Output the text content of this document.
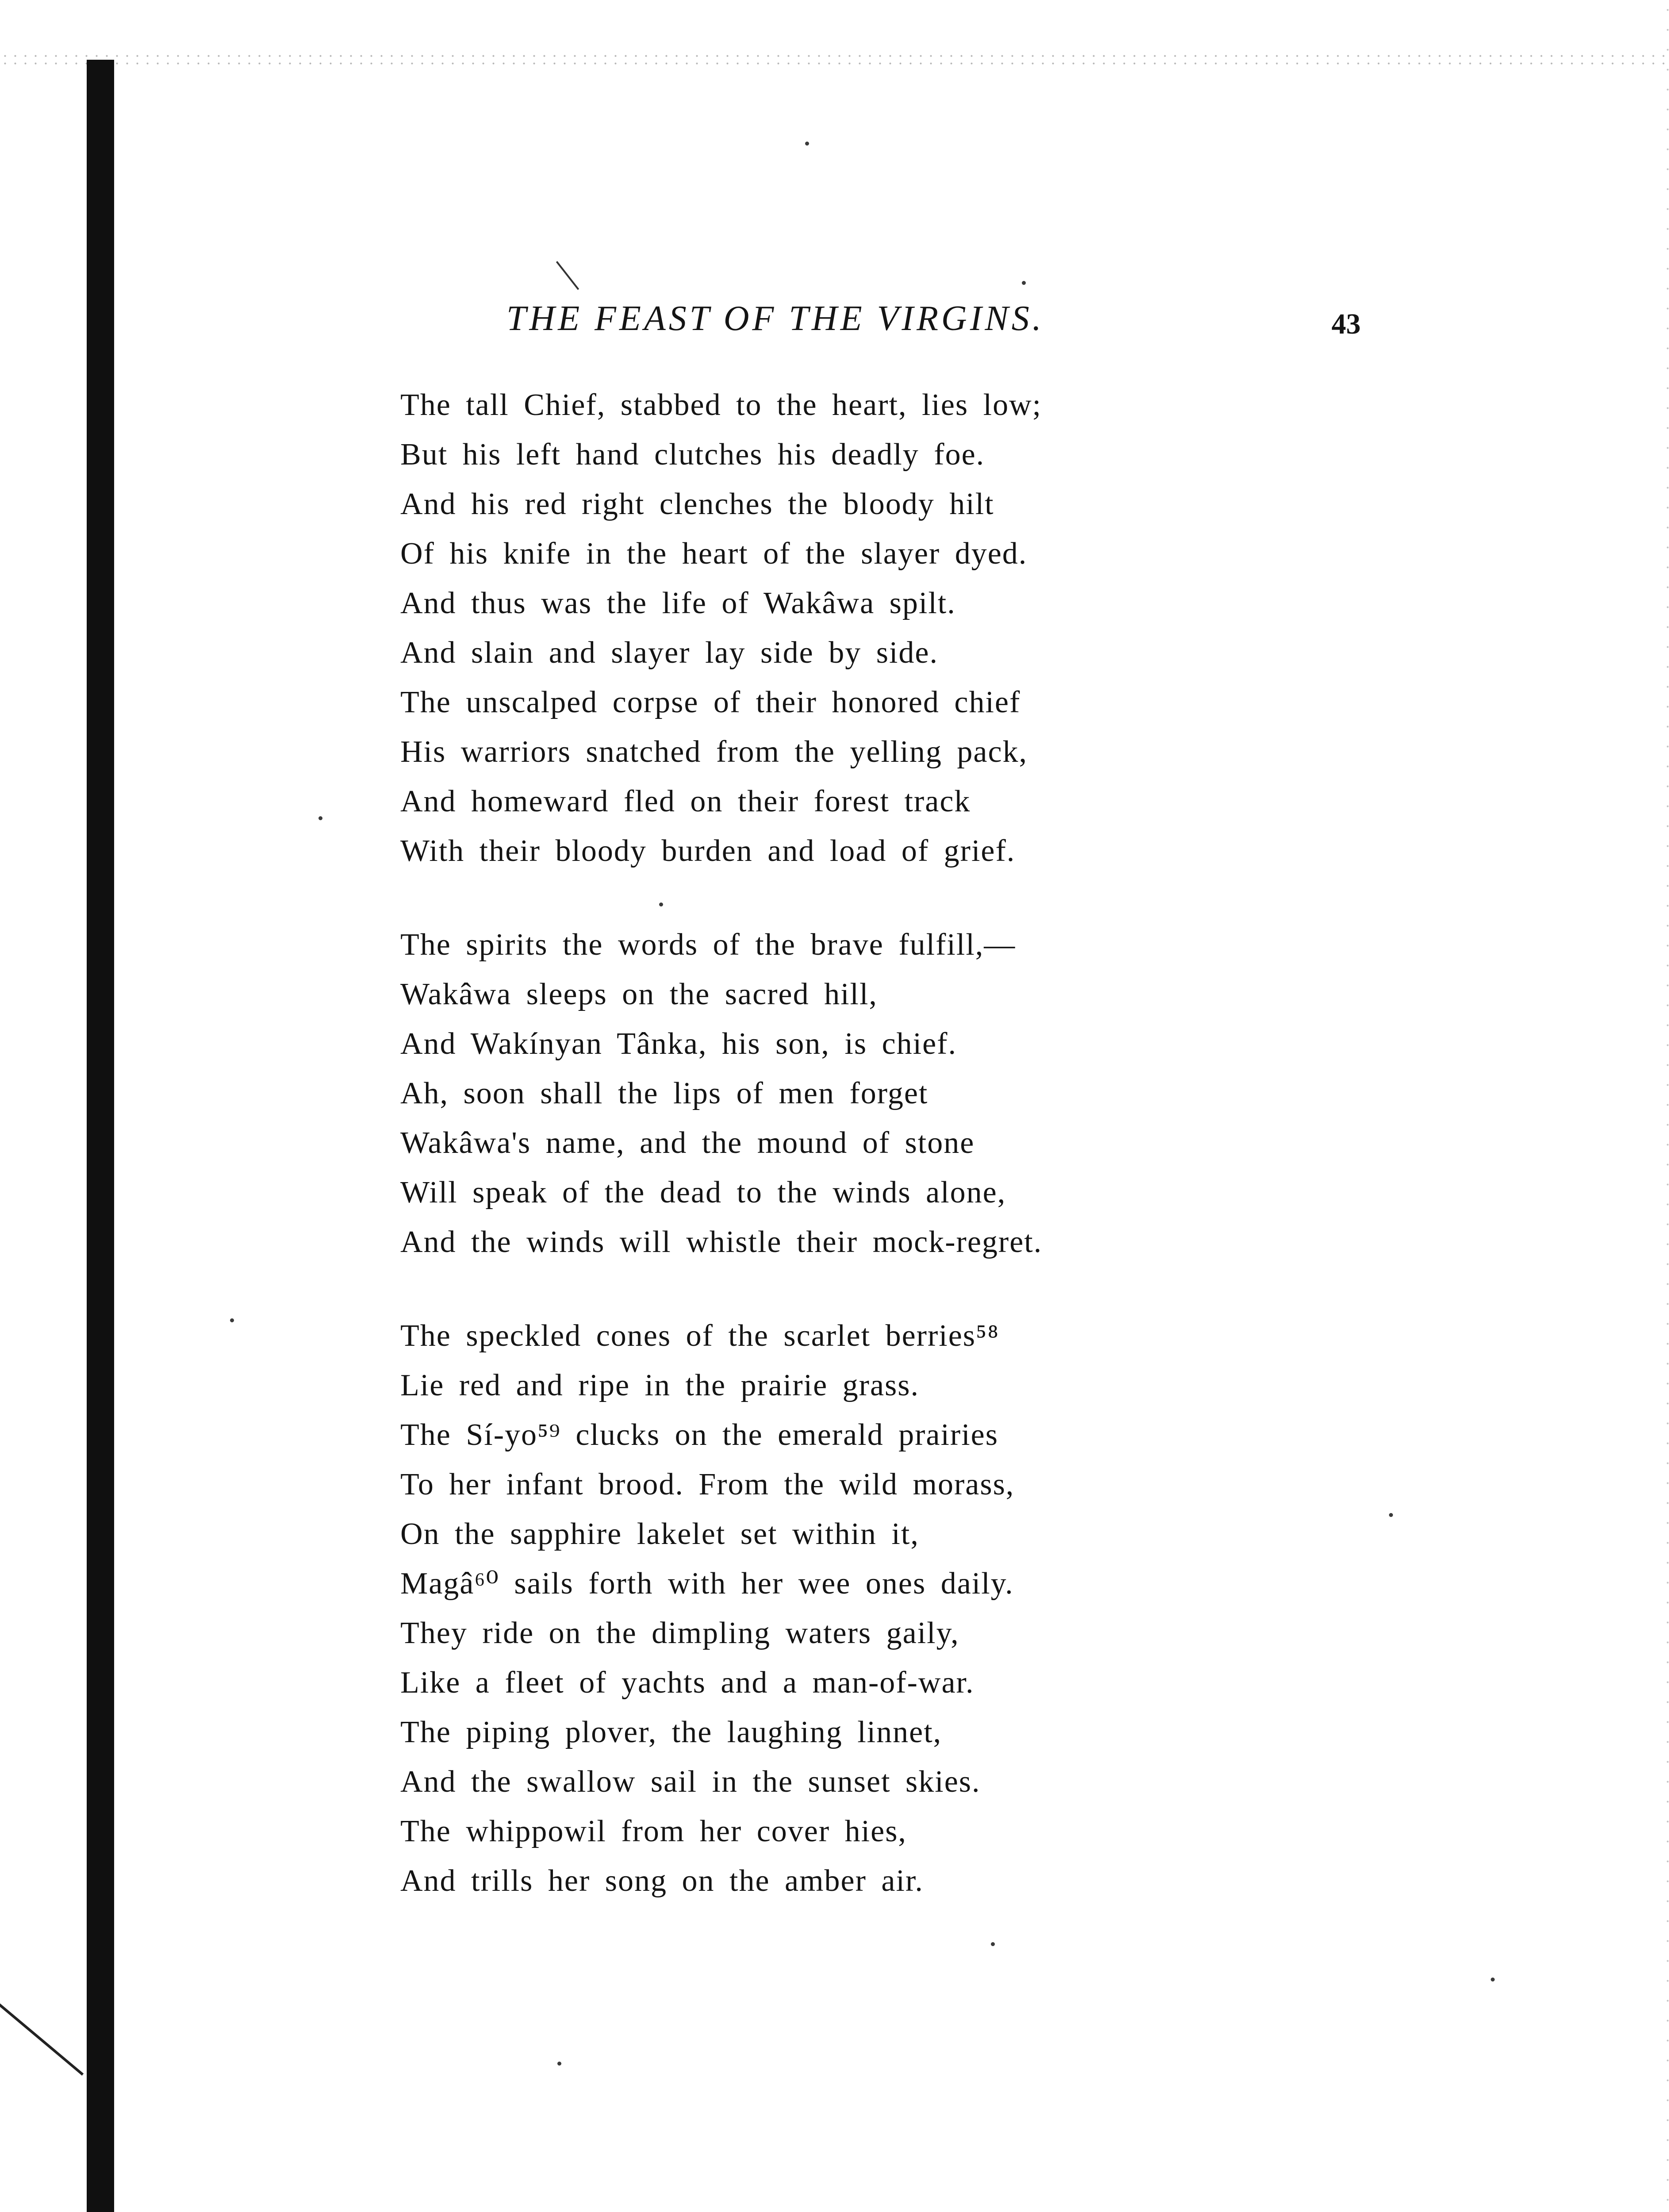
THE FEAST OF THE VIRGINS.	43
The tall Chief, stabbed to the heart, lies low;
But his left hand clutches his deadly foe.
And his red right clenches the bloody hilt
Of his knife in the heart of the slayer dyed.
And thus was the life of Wakâwa spilt.
And slain and slayer lay side by side.
The unscalped corpse of their honored chief
His warriors snatched from the yelling pack,
And homeward fled on their forest track
With their bloody burden and load of grief.
The spirits the words of the brave fulfill,—
Wakâwa sleeps on the sacred hill,
And Wakínyan Tânka, his son, is chief.
Ah, soon shall the lips of men forget
Wakâwa's name, and the mound of stone
Will speak of the dead to the winds alone,
And the winds will whistle their mock-regret.
The speckled cones of the scarlet berries⁵⁸
Lie red and ripe in the prairie grass.
The Sí-yo⁵⁹ clucks on the emerald prairies
To her infant brood. From the wild morass,
On the sapphire lakelet set within it,
Magâ⁶⁰ sails forth with her wee ones daily.
They ride on the dimpling waters gaily,
Like a fleet of yachts and a man-of-war.
The piping plover, the laughing linnet,
And the swallow sail in the sunset skies.
The whippowil from her cover hies,
And trills her song on the amber air.
